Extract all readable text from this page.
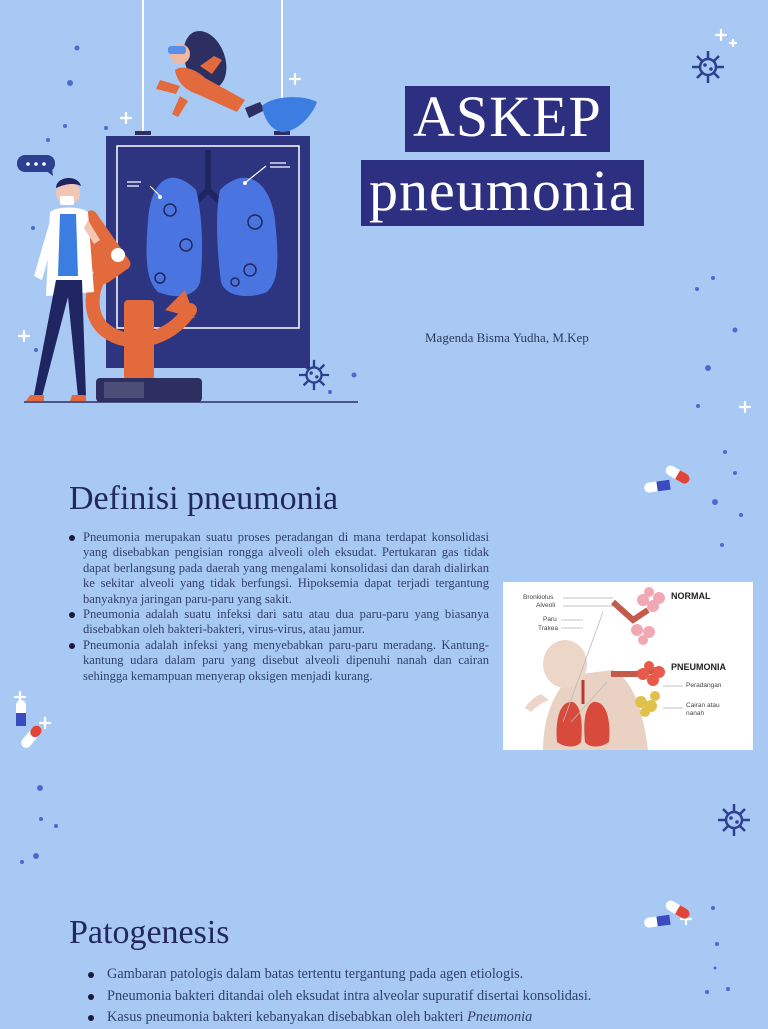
ASKEP
pneumonia
Magenda Bisma Yudha, M.Kep
Definisi pneumonia
Pneumonia merupakan suatu proses peradangan di mana terdapat konsolidasi yang disebabkan pengisian rongga alveoli oleh eksudat. Pertukaran gas tidak dapat berlangsung pada daerah yang mengalami konsolidasi dan darah dialirkan ke sekitar alveoli yang tidak berfungsi. Hipoksemia dapat terjadi tergantung banyaknya jaringan paru-paru yang sakit.
Pneumonia adalah suatu infeksi dari satu atau dua paru-paru yang biasanya disebabkan oleh bakteri-bakteri, virus-virus, atau jamur.
Pneumonia adalah infeksi yang menyebabkan paru-paru meradang. Kantung-kantung udara dalam paru yang disebut alveoli dipenuhi nanah dan cairan sehingga kemampuan menyerap oksigen menjadi kurang.
NORMAL
PNEUMONIA
Bronkiolus
Alveoli
Paru
Trakea
Peradangan
Cairan atau
nanah
Patogenesis
Gambaran patologis dalam batas tertentu tergantung pada agen etiologis.
Pneumonia bakteri ditandai oleh eksudat intra alveolar supuratif disertai konsolidasi.
Kasus pneumonia bakteri kebanyakan disebabkan oleh bakteri Pneumonia
